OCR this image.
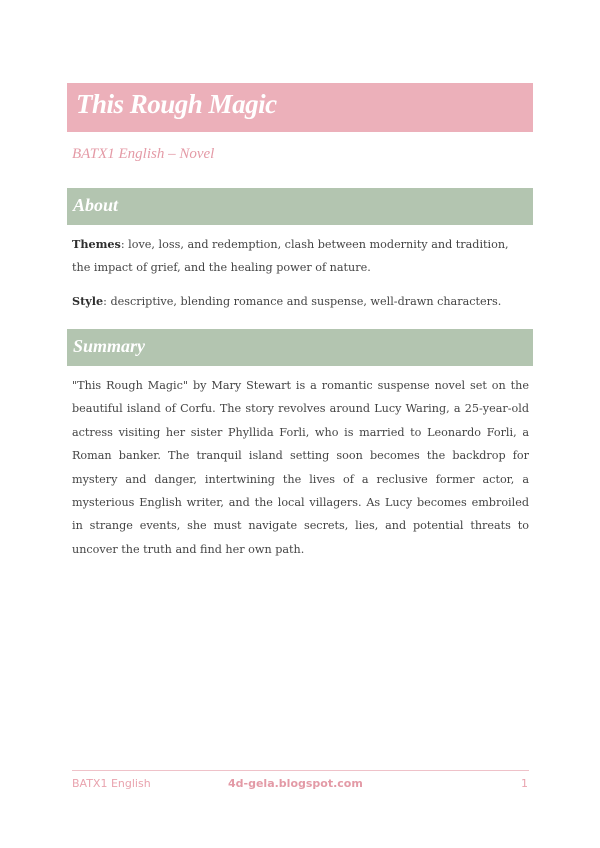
This Rough Magic
BATX1 English – Novel
About

Themes: love, loss, and redemption, clash between modernity and tradition, the impact of grief, and the healing power of nature.

Style: descriptive, blending romance and suspense, well-drawn characters.

Summary

"This Rough Magic" by Mary Stewart is a romantic suspense novel set on the beautiful island of Corfu. The story revolves around Lucy Waring, a 25-year-old actress visiting her sister Phyllida Forli, who is married to Leonardo Forli, a Roman banker. The tranquil island setting soon becomes the backdrop for mystery and danger, intertwining the lives of a reclusive former actor, a mysterious English writer, and the local villagers. As Lucy becomes embroiled in strange events, she must navigate secrets, lies, and potential threats to uncover the truth and find her own path.

BATX1 English	4d-gela.blogspot.com	1
